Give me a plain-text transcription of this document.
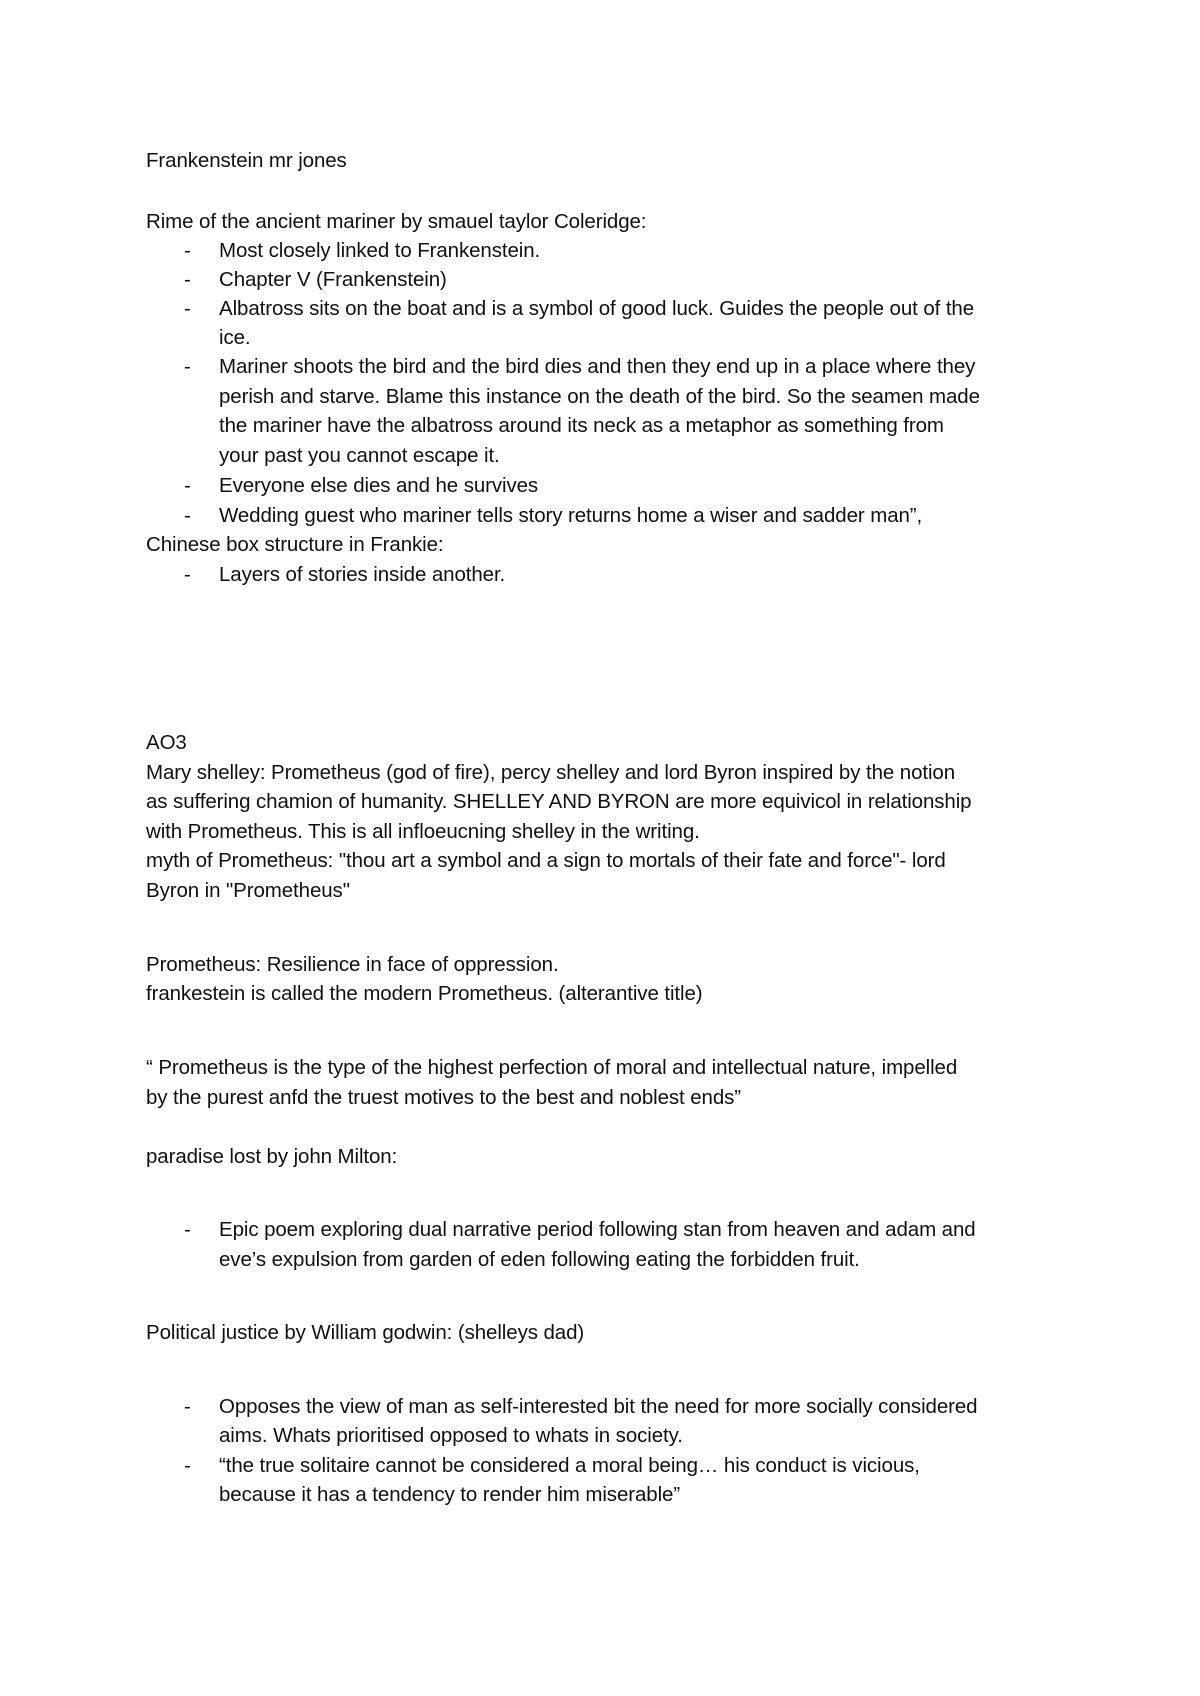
Frankenstein mr jones
Rime of the ancient mariner by smauel taylor Coleridge:
-	Most closely linked to Frankenstein.
-	Chapter V (Frankenstein)
-	Albatross sits on the boat and is a symbol of good luck. Guides the people out of the
ice.
-	Mariner shoots the bird and the bird dies and then they end up in a place where they
perish and starve. Blame this instance on the death of the bird. So the seamen made
the mariner have the albatross around its neck as a metaphor as something from
your past you cannot escape it.
-	Everyone else dies and he survives
-	Wedding guest who mariner tells story returns home a wiser and sadder man”,
Chinese box structure in Frankie:
-	Layers of stories inside another.
AO3
Mary shelley: Prometheus (god of fire), percy shelley and lord Byron inspired by the notion
as suffering chamion of humanity. SHELLEY AND BYRON are more equivicol in relationship
with Prometheus. This is all infloeucning shelley in the writing.
myth of Prometheus: "thou art a symbol and a sign to mortals of their fate and force"- lord
Byron in "Prometheus"
Prometheus: Resilience in face of oppression.
frankestein is called the modern Prometheus. (alterantive title)
“ Prometheus is the type of the highest perfection of moral and intellectual nature, impelled
by the purest anfd the truest motives to the best and noblest ends”
paradise lost by john Milton:
-	Epic poem exploring dual narrative period following stan from heaven and adam and
eve’s expulsion from garden of eden following eating the forbidden fruit.
Political justice by William godwin: (shelleys dad)
-	Opposes the view of man as self-interested bit the need for more socially considered
aims. Whats prioritised opposed to whats in society.
-	“the true solitaire cannot be considered a moral being… his conduct is vicious,
because it has a tendency to render him miserable”
